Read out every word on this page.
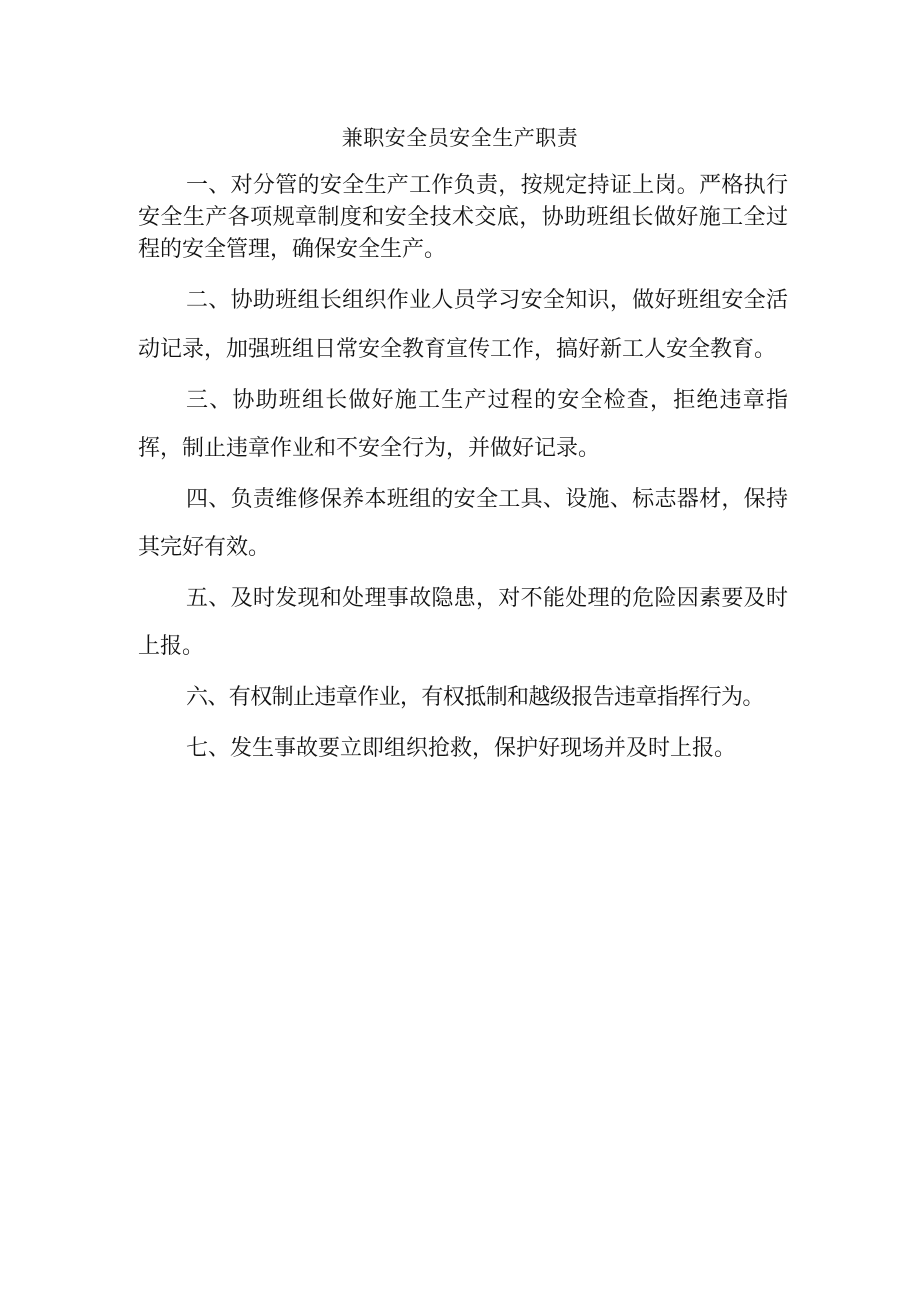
兼职安全员安全生产职责

一、对分管的安全生产工作负责，按规定持证上岗。严格执行安全生产各项规章制度和安全技术交底，协助班组长做好施工全过程的安全管理，确保安全生产。

二、协助班组长组织作业人员学习安全知识，做好班组安全活动记录，加强班组日常安全教育宣传工作，搞好新工人安全教育。

三、协助班组长做好施工生产过程的安全检查，拒绝违章指挥，制止违章作业和不安全行为，并做好记录。

四、负责维修保养本班组的安全工具、设施、标志器材，保持其完好有效。

五、及时发现和处理事故隐患，对不能处理的危险因素要及时上报。

六、有权制止违章作业，有权抵制和越级报告违章指挥行为。

七、发生事故要立即组织抢救，保护好现场并及时上报。
